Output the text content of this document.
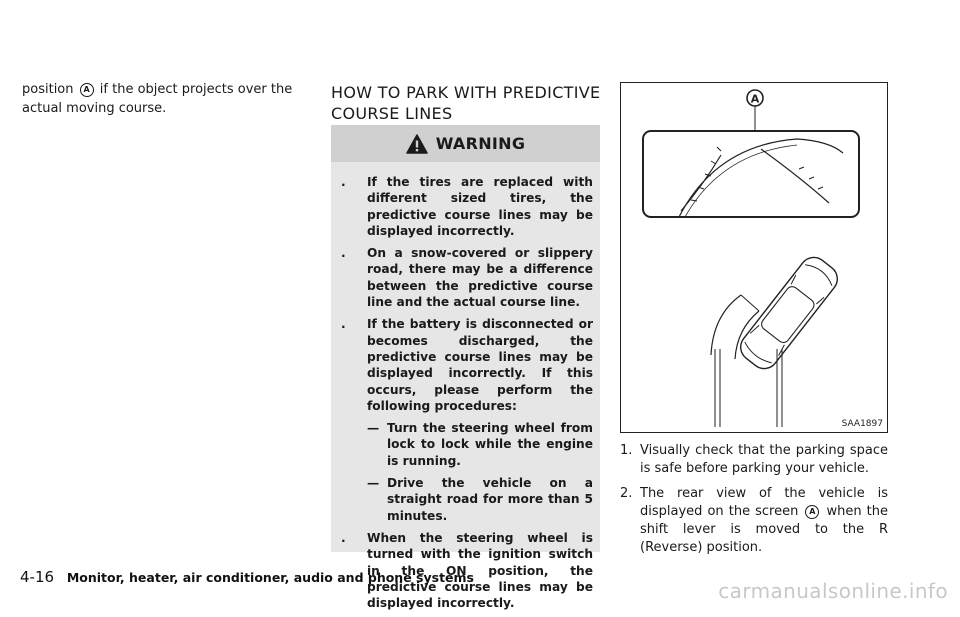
position A if the object projects over the actual moving course.
HOW TO PARK WITH PREDICTIVE COURSE LINES
WARNING
.	If the tires are replaced with different sized tires, the predictive course lines may be displayed incorrectly.
.	On a snow-covered or slippery road, there may be a difference between the predictive course line and the actual course line.
.	If the battery is disconnected or becomes discharged, the predictive course lines may be displayed incorrectly. If this occurs, please perform the following procedures:
— Turn the steering wheel from lock to lock while the engine is running.
— Drive the vehicle on a straight road for more than 5 minutes.
.	When the steering wheel is turned with the ignition switch in the ON position, the predictive course lines may be displayed incorrectly.
A
SAA1897
1. Visually check that the parking space is safe before parking your vehicle.
2. The rear view of the vehicle is displayed on the screen A when the shift lever is moved to the R (Reverse) position.
4-16 Monitor, heater, air conditioner, audio and phone systems
carmanualsonline.info
